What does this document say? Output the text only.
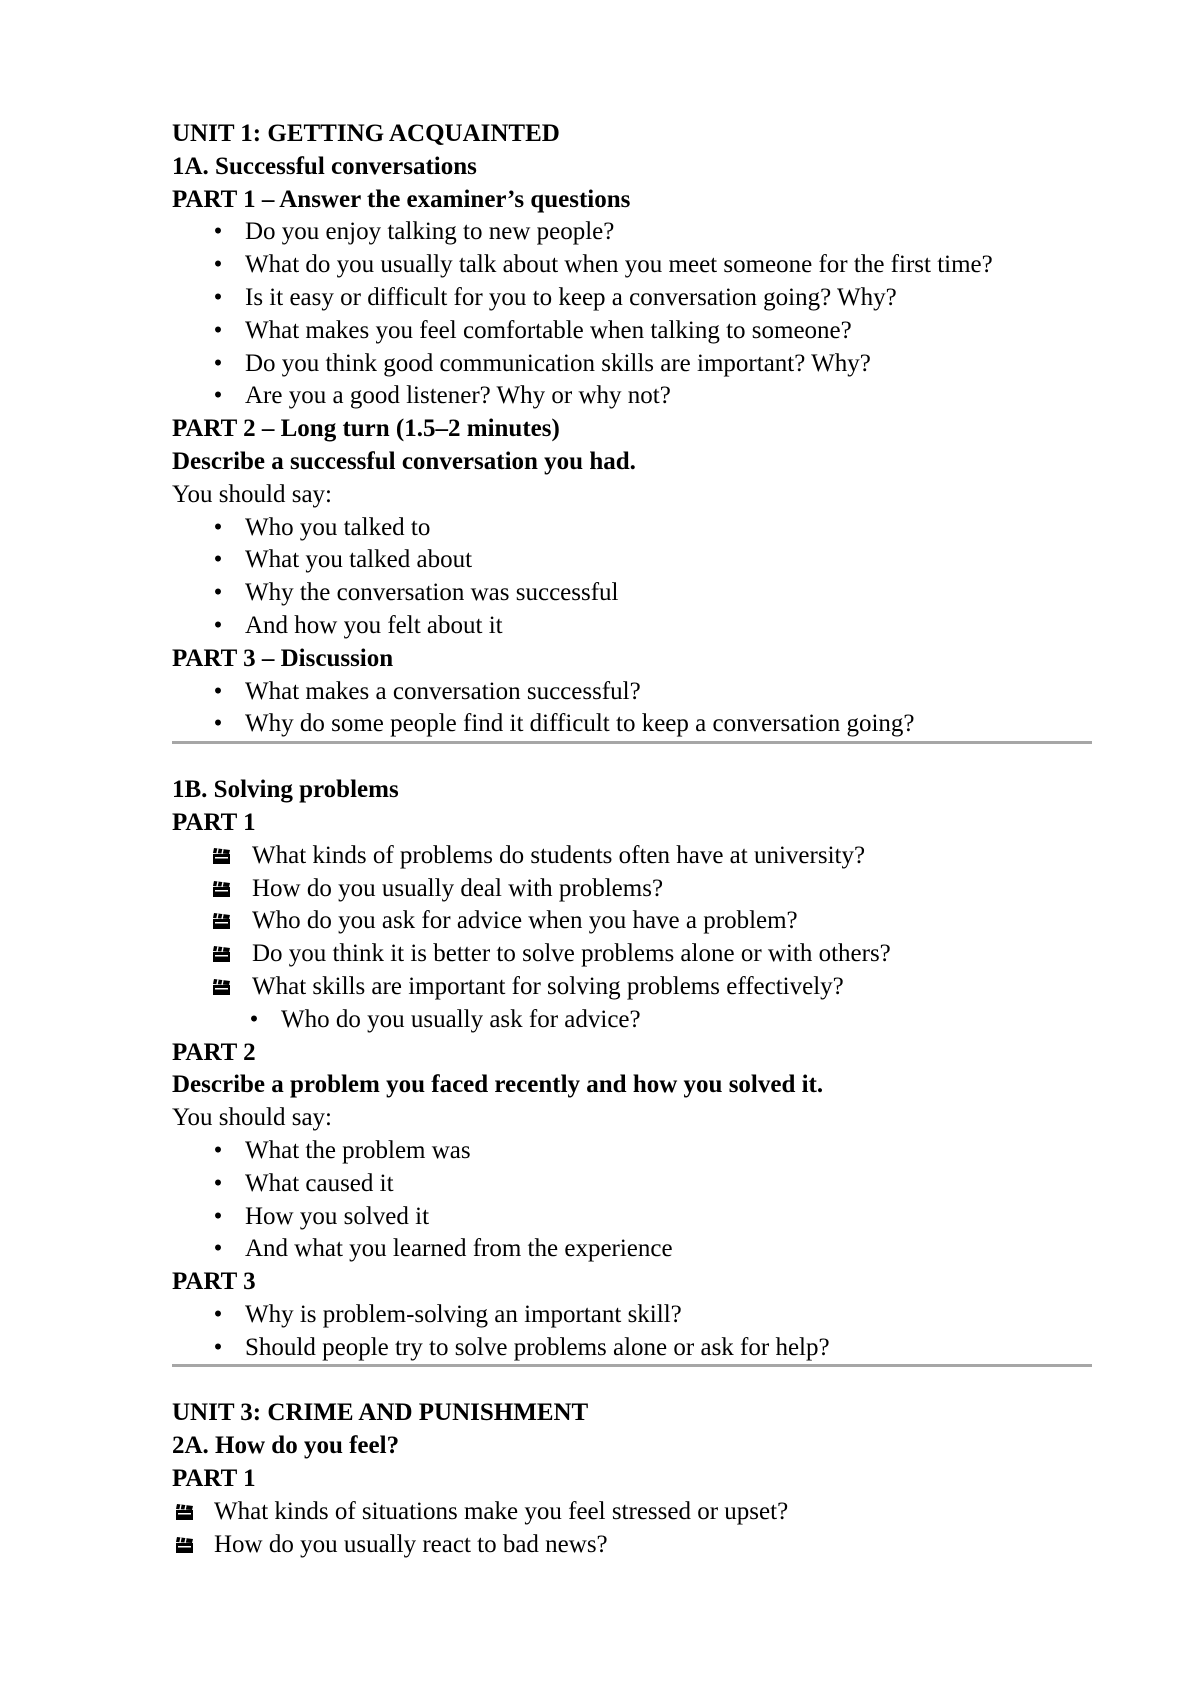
UNIT 1: GETTING ACQUAINTED
1A. Successful conversations
PART 1 – Answer the examiner’s questions
• Do you enjoy talking to new people?
• What do you usually talk about when you meet someone for the first time?
• Is it easy or difficult for you to keep a conversation going? Why?
• What makes you feel comfortable when talking to someone?
• Do you think good communication skills are important? Why?
• Are you a good listener? Why or why not?
PART 2 – Long turn (1.5–2 minutes)
Describe a successful conversation you had.
You should say:
• Who you talked to
• What you talked about
• Why the conversation was successful
• And how you felt about it
PART 3 – Discussion
• What makes a conversation successful?
• Why do some people find it difficult to keep a conversation going?
1B. Solving problems
PART 1
What kinds of problems do students often have at university?
How do you usually deal with problems?
Who do you ask for advice when you have a problem?
Do you think it is better to solve problems alone or with others?
What skills are important for solving problems effectively?
• Who do you usually ask for advice?
PART 2
Describe a problem you faced recently and how you solved it.
You should say:
• What the problem was
• What caused it
• How you solved it
• And what you learned from the experience
PART 3
• Why is problem-solving an important skill?
• Should people try to solve problems alone or ask for help?
UNIT 3: CRIME AND PUNISHMENT
2A. How do you feel?
PART 1
What kinds of situations make you feel stressed or upset?
How do you usually react to bad news?
